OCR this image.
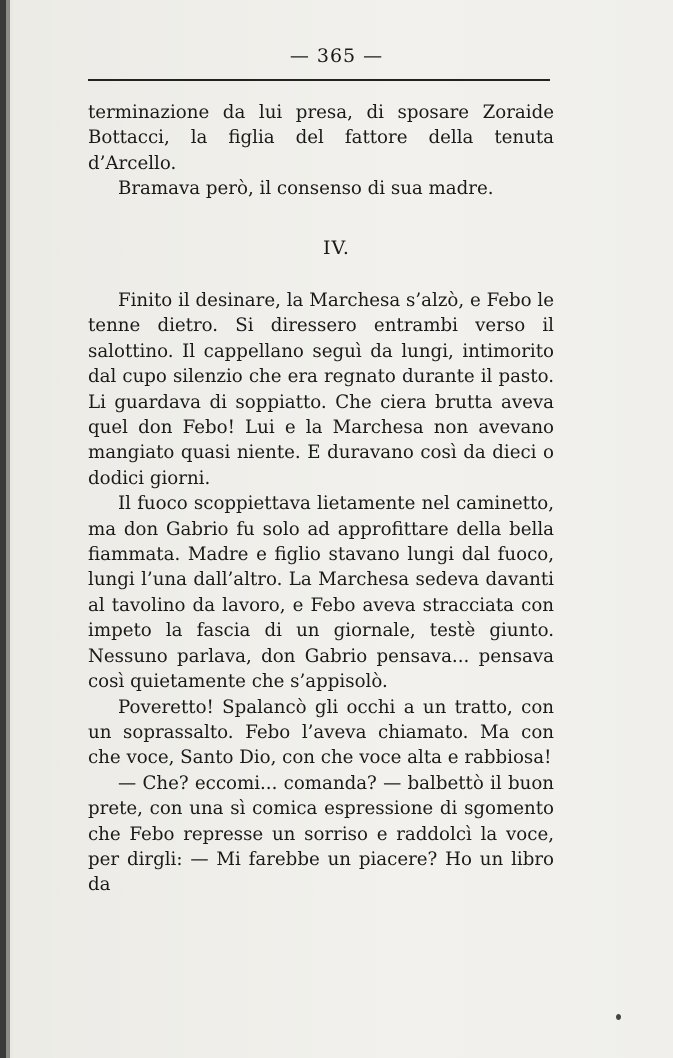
— 365 —

terminazione da lui presa, di sposare Zoraide Bottacci, la figlia del fattore della tenuta d’Arcello.

Bramava però, il consenso di sua madre.

IV.

Finito il desinare, la Marchesa s’alzò, e Febo le tenne dietro. Si diressero entrambi verso il salottino. Il cappellano seguì da lungi, intimorito dal cupo silenzio che era regnato durante il pasto. Li guardava di soppiatto. Che ciera brutta aveva quel don Febo! Lui e la Marchesa non avevano mangiato quasi niente. E duravano così da dieci o dodici giorni.

Il fuoco scoppiettava lietamente nel caminetto, ma don Gabrio fu solo ad approfittare della bella fiammata. Madre e figlio stavano lungi dal fuoco, lungi l’una dall’altro. La Marchesa sedeva davanti al tavolino da lavoro, e Febo aveva stracciata con impeto la fascia di un giornale, testè giunto. Nessuno parlava, don Gabrio pensava... pensava così quietamente che s’appisolò.

Poveretto! Spalancò gli occhi a un tratto, con un soprassalto. Febo l’aveva chiamato. Ma con che voce, Santo Dio, con che voce alta e rabbiosa!

— Che? eccomi... comanda? — balbettò il buon prete, con una sì comica espressione di sgomento che Febo represse un sorriso e raddolcì la voce, per dirgli: — Mi farebbe un piacere? Ho un libro da
